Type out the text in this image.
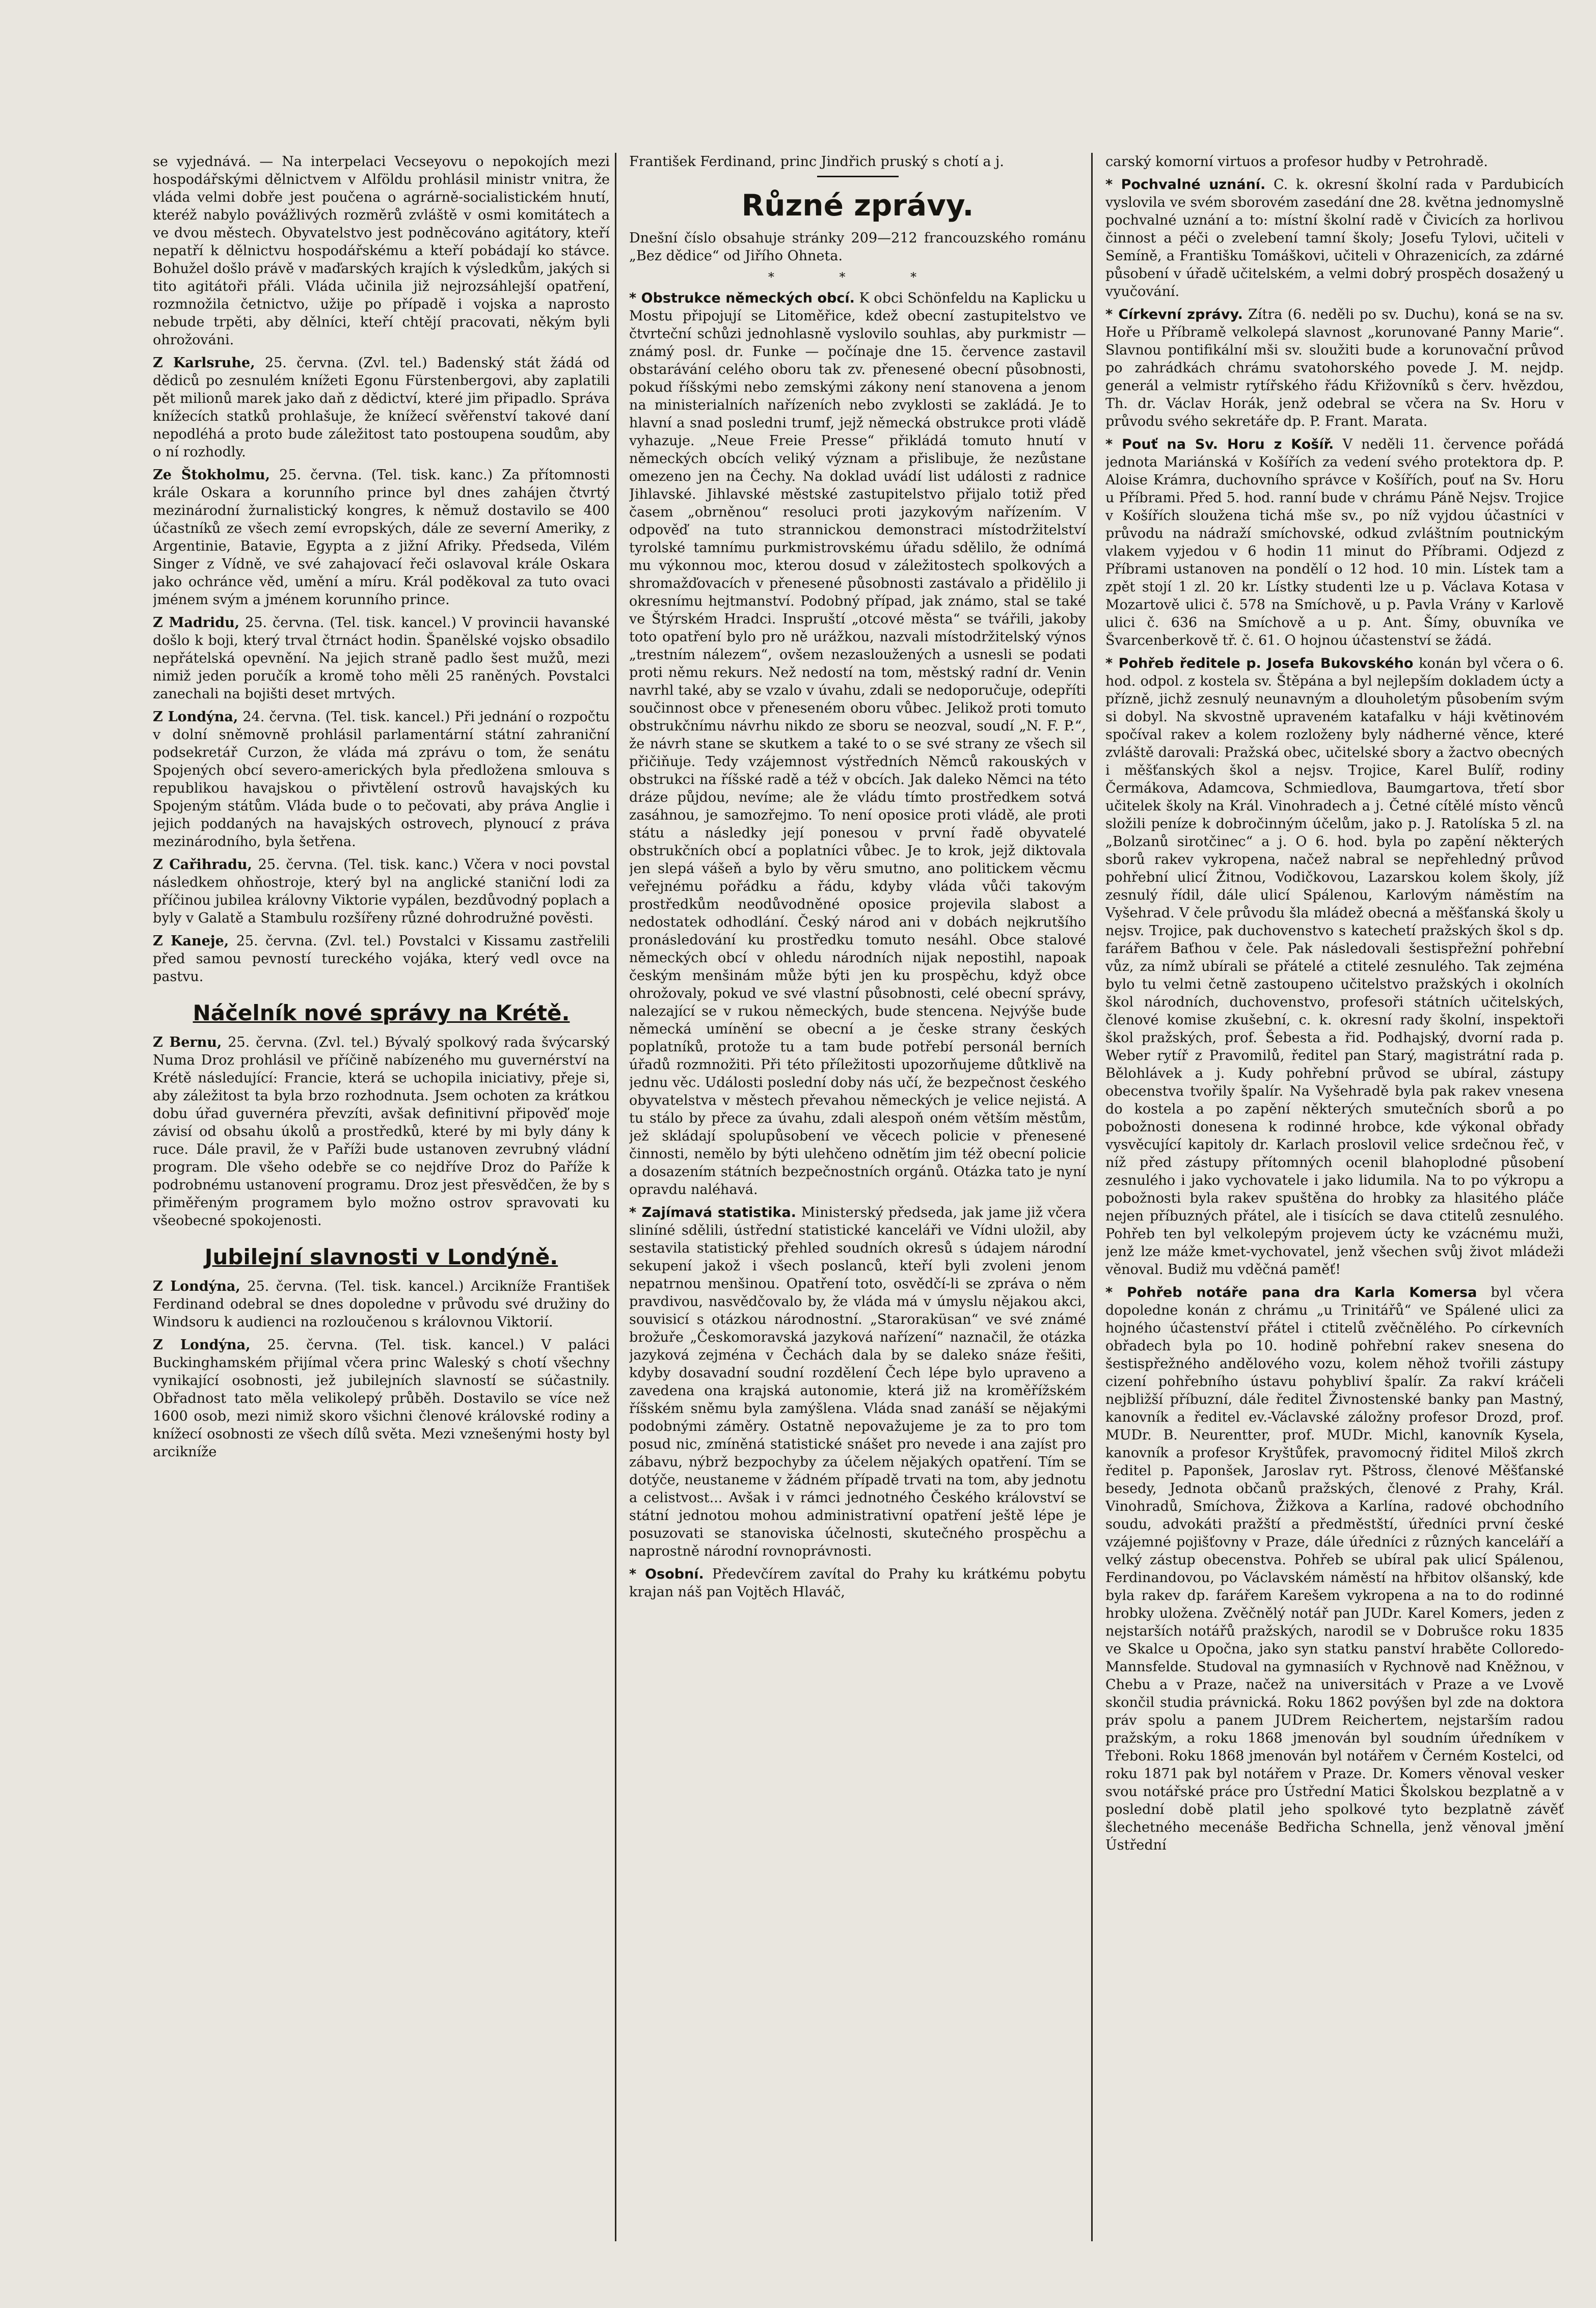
se vyjednává. — Na interpelaci Vecseyovu o nepokojích mezi hospodářskými dělnictvem v Alföldu prohlásil ministr vnitra, že vláda velmi dobře jest poučena o agrárně-socialistickém hnutí, kteréž nabylo povážlivých rozměrů zvláště v osmi komitátech a ve dvou městech. Obyvatelstvo jest podněcováno agitátory, kteří nepatří k dělnictvu hospodářskému a kteří pobádají ko stávce. Bohužel došlo právě v maďarských krajích k výsledkům, jakých si tito agitátoři přáli. Vláda učinila již nejrozsáhlejší opatření, rozmnožila četnictvo, užije po případě i vojska a naprosto nebude trpěti, aby dělníci, kteří chtějí pracovati, někým byli ohrožováni.

Z Karlsruhe, 25. června. (Zvl. tel.) Badenský stát žádá od dědiců po zesnulém knížeti Egonu Fürstenbergovi, aby zaplatili pět milionů marek jako daň z dědictví, které jim připadlo. Správa knížecích statků prohlašuje, že knížecí svěřenství takové daní nepodléhá a proto bude záležitost tato postoupena soudům, aby o ní rozhodly.

Ze Štokholmu, 25. června. (Tel. tisk. kanc.) Za přítomnosti krále Oskara a korunního prince byl dnes zahájen čtvrtý mezinárodní žurnalistický kongres, k němuž dostavilo se 400 účastníků ze všech zemí evropských, dále ze severní Ameriky, z Argentinie, Batavie, Egypta a z jižní Afriky. Předseda, Vilém Singer z Vídně, ve své zahajovací řeči oslavoval krále Oskara jako ochránce věd, umění a míru. Král poděkoval za tuto ovaci jménem svým a jménem korunního prince.

Z Madridu, 25. června. (Tel. tisk. kancel.) V provincii havanské došlo k boji, který trval čtrnáct hodin. Španělské vojsko obsadilo nepřátelská opevnění. Na jejich straně padlo šest mužů, mezi nimiž jeden poručík a kromě toho měli 25 raněných. Povstalci zanechali na bojišti deset mrtvých.

Z Londýna, 24. června. (Tel. tisk. kancel.) Při jednání o rozpočtu v dolní sněmovně prohlásil parlamentární státní zahraniční podsekretář Curzon, že vláda má zprávu o tom, že senátu Spojených obcí severo-amerických byla předložena smlouva s republikou havajskou o přivtělení ostrovů havajských ku Spojeným státům. Vláda bude o to pečovati, aby práva Anglie i jejich poddaných na havajských ostrovech, plynoucí z práva mezinárodního, byla šetřena.

Z Cařihradu, 25. června. (Tel. tisk. kanc.) Včera v noci povstal následkem ohňostroje, který byl na anglické staniční lodi za příčinou jubilea královny Viktorie vypálen, bezdůvodný poplach a byly v Galatě a Stambulu rozšířeny různé dohrodružné pověsti.

Z Kaneje, 25. června. (Zvl. tel.) Povstalci v Kissamu zastřelili před samou pevností tureckého vojáka, který vedl ovce na pastvu.

Náčelník nové správy na Krétě.

Z Bernu, 25. června. (Zvl. tel.) Bývalý spolkový rada švýcarský Numa Droz prohlásil ve příčině nabízeného mu guvernérství na Krétě následující: Francie, která se uchopila iniciativy, přeje si, aby záležitost ta byla brzo rozhodnuta. Jsem ochoten za krátkou dobu úřad guvernéra převzíti, avšak definitivní připověď moje závisí od obsahu úkolů a prostředků, které by mi byly dány k ruce. Dále pravil, že v Paříži bude ustanoven zevrubný vládní program. Dle všeho odebře se co nejdříve Droz do Paříže k podrobnému ustanovení programu. Droz jest přesvědčen, že by s přiměřeným programem bylo možno ostrov spravovati ku všeobecné spokojenosti.

Jubilejní slavnosti v Londýně.

Z Londýna, 25. června. (Tel. tisk. kancel.) Arcikníže František Ferdinand odebral se dnes dopoledne v průvodu své družiny do Windsoru k audienci na rozloučenou s královnou Viktorií.

Z Londýna, 25. června. (Tel. tisk. kancel.) V paláci Buckinghamském přijímal včera princ Waleský s chotí všechny vynikající osobnosti, jež jubilejních slavností se súčastnily. Obřadnost tato měla velikolepý průběh. Dostavilo se více než 1600 osob, mezi nimiž skoro všichni členové královské rodiny a knížecí osobnosti ze všech dílů světa. Mezi vznešenými hosty byl arcikníže

František Ferdinand, princ Jindřich pruský s chotí a j.

Různé zprávy.

Dnešní číslo obsahuje stránky 209—212 francouzského románu „Bez dědice“ od Jiřího Ohneta.

* * *

* Obstrukce německých obcí. K obci Schönfeldu na Kaplicku u Mostu připojují se Litoměřice, kdež obecní zastupitelstvo ve čtvrteční schůzi jednohlasně vyslovilo souhlas, aby purkmistr — známý posl. dr. Funke — počínaje dne 15. července zastavil obstarávání celého oboru tak zv. přenesené obecní působnosti, pokud říšskými nebo zemskými zákony není stanovena a jenom na ministerialních nařízeních nebo zvyklosti se zakládá. Je to hlavní a snad posledni trumf, jejž německá obstrukce proti vládě vyhazuje. „Neue Freie Presse“ přikládá tomuto hnutí v německých obcích veliký význam a přislibuje, že nezůstane omezeno jen na Čechy. Na doklad uvádí list události z radnice Jihlavské. Jihlavské městské zastupitelstvo přijalo totiž před časem „obrněnou“ resoluci proti jazykovým nařízením. V odpověď na tuto strannickou demonstraci místodržitelství tyrolské tamnímu purkmistrovskému úřadu sdělilo, že odnímá mu výkonnou moc, kterou dosud v záležitostech spolkových a shromažďovacích v přenesené působnosti zastávalo a přidělilo ji okresnímu hejtmanství. Podobný případ, jak známo, stal se také ve Štýrském Hradci. Inspruští „otcové města“ se tvářili, jakoby toto opatření bylo pro ně urážkou, nazvali místodržitelský výnos „trestním nálezem“, ovšem nezasloužených a usnesli se podati proti němu rekurs. Než nedostí na tom, městský radní dr. Venin navrhl také, aby se vzalo v úvahu, zdali se nedoporučuje, odepříti součinnost obce v přeneseném oboru vůbec. Jelikož proti tomuto obstrukčnímu návrhu nikdo ze sboru se neozval, soudí „N. F. P.“, že návrh stane se skutkem a také to o se své strany ze všech sil přičiňuje. Tedy vzájemnost výstředních Němců rakouských v obstrukci na říšské radě a též v obcích. Jak daleko Němci na této dráze půjdou, nevíme; ale že vládu tímto prostředkem sotvá zasáhnou, je samozřejmo. To není oposice proti vládě, ale proti státu a následky její ponesou v první řadě obyvatelé obstrukčních obcí a poplatníci vůbec. Je to krok, jejž diktovala jen slepá vášeň a bylo by věru smutno, ano politickem věcmu veřejnému pořádku a řádu, kdyby vláda vůči takovým prostředkům neodůvodněné oposice projevila slabost a nedostatek odhodlání. Český národ ani v dobách nejkrutšího pronásledování ku prostředku tomuto nesáhl. Obce stalové německých obcí v ohledu národních nijak nepostihl, napoak českým menšinám může býti jen ku prospěchu, když obce ohrožovaly, pokud ve své vlastní působnosti, celé obecní správy, nalezající se v rukou německých, bude stencena. Nejvýše bude německá umínění se obecní a je česke strany českých poplatníků, protože tu a tam bude potřebí personál berních úřadů rozmnožiti. Při této příležitosti upozorňujeme důtklivě na jednu věc. Události poslední doby nás učí, že bezpečnost českého obyvatelstva v městech převahou německých je velice nejistá. A tu stálo by přece za úvahu, zdali alespoň oném větším městům, jež skládají spolupůsobení ve věcech policie v přenesené činnosti, nemělo by býti ulehčeno odnětím jim též obecní policie a dosazením státních bezpečnostních orgánů. Otázka tato je nyní opravdu naléhavá.

* Zajímavá statistika. Ministerský předseda, jak jame již včera sliníné sdělili, ústřední statistické kanceláři ve Vídni uložil, aby sestavila statistický přehled soudních okresů s údajem národní sekupení jakož i všech poslanců, kteří byli zvoleni jenom nepatrnou menšinou. Opatření toto, osvědčí-li se zpráva o něm pravdivou, nasvědčovalo by, že vláda má v úmyslu nějakou akci, souvisicí s otázkou národnostní. „Staroraküsan“ ve své známé brožuře „Českomoravská jazyková nařízení“ naznačil, že otázka jazyková zejména v Čechách dala by se daleko snáze řešiti, kdyby dosavadní soudní rozdělení Čech lépe bylo upraveno a zavedena ona krajská autonomie, která již na kroměřížském říšském sněmu byla zamýšlena. Vláda snad zanáší se nějakými podobnými záměry. Ostatně nepovažujeme je za to pro tom posud nic, zmíněná statistické snášet pro nevede i ana zajíst pro zábavu, nýbrž bezpochyby za účelem nějakých opatření. Tím se dotýče, neustaneme v žádném případě trvati na tom, aby jednotu a celistvost... Avšak i v rámci jednotného Českého království se státní jednotou mohou administrativní opatření ještě lépe je posuzovati se stanoviska účelnosti, skutečného prospěchu a naprostně národní rovnoprávnosti.

* Osobní. Předevčírem zavítal do Prahy ku krátkému pobytu krajan náš pan Vojtěch Hlaváč,

carský komorní virtuos a profesor hudby v Petrohradě.

* Pochvalné uznání. C. k. okresní školní rada v Pardubicích vyslovila ve svém sborovém zasedání dne 28. května jednomyslně pochvalné uznání a to: místní školní radě v Čivicích za horlivou činnost a péči o zvelebení tamní školy; Josefu Tylovi, učiteli v Semíně, a Františku Tomáškovi, učiteli v Ohrazenicích, za zdárné působení v úřadě učitelském, a velmi dobrý prospěch dosažený u vyučování.

* Církevní zprávy. Zítra (6. neděli po sv. Duchu), koná se na sv. Hoře u Příbramě velkolepá slavnost „korunované Panny Marie“. Slavnou pontifikální mši sv. sloužiti bude a korunovační průvod po zahrádkách chrámu svatohorského povede J. M. nejdp. generál a velmistr rytířského řádu Křižovníků s červ. hvězdou, Th. dr. Václav Horák, jenž odebral se včera na Sv. Horu v průvodu svého sekretáře dp. P. Frant. Marata.

* Pouť na Sv. Horu z Košíř. V neděli 11. července pořádá jednota Mariánská v Košířích za vedení svého protektora dp. P. Aloise Krámra, duchovního správce v Košířích, pouť na Sv. Horu u Příbrami. Před 5. hod. ranní bude v chrámu Páně Nejsv. Trojice v Košířích sloužena tichá mše sv., po níž vyjdou účastníci v průvodu na nádraží smíchovské, odkud zvláštním poutnickým vlakem vyjedou v 6 hodin 11 minut do Příbrami. Odjezd z Příbrami ustanoven na pondělí o 12 hod. 10 min. Lístek tam a zpět stojí 1 zl. 20 kr. Lístky studenti lze u p. Václava Kotasa v Mozartově ulici č. 578 na Smíchově, u p. Pavla Vrány v Karlově ulici č. 636 na Smíchově a u p. Ant. Šímy, obuvníka ve Švarcenberkově tř. č. 61. O hojnou účastenství se žádá.

* Pohřeb ředitele p. Josefa Bukovského konán byl včera o 6. hod. odpol. z kostela sv. Štěpána a byl nejlepším dokladem úcty a přízně, jichž zesnulý neunavným a dlouholetým působením svým si dobyl. Na skvostně upraveném katafalku v háji květinovém spočíval rakev a kolem rozloženy byly nádherné věnce, které zvláště darovali: Pražská obec, učitelské sbory a žactvo obecných i měšťanských škol a nejsv. Trojice, Karel Bulíř, rodiny Čermákova, Adamcova, Schmiedlova, Baumgartova, třetí sbor učitelek školy na Král. Vinohradech a j. Četné cítělé místo věnců složili peníze k dobročinným účelům, jako p. J. Ratolíska 5 zl. na „Bolzanů sirotčinec“ a j. O 6. hod. byla po zapění některých sborů rakev vykropena, načež nabral se nepřehledný průvod pohřební ulicí Žitnou, Vodičkovou, Lazarskou kolem školy, jíž zesnulý řídil, dále ulicí Spálenou, Karlovým náměstím na Vyšehrad. V čele průvodu šla mládež obecná a měšťanská školy u nejsv. Trojice, pak duchovenstvo s katechetí pražských škol s dp. farářem Baťhou v čele. Pak následovali šestispřežní pohřební vůz, za nímž ubírali se přátelé a ctitelé zesnulého. Tak zejména bylo tu velmi četně zastoupeno učitelstvo pražských i okolních škol národních, duchovenstvo, profesoři státních učitelských, členové komise zkušební, c. k. okresní rady školní, inspektoři škol pražských, prof. Šebesta a řid. Podhajský, dvorní rada p. Weber rytíř z Pravomilů, ředitel pan Starý, magistrátní rada p. Bělohlávek a j. Kudy pohřební průvod se ubíral, zástupy obecenstva tvořily špalír. Na Vyšehradě byla pak rakev vnesena do kostela a po zapění některých smutečních sborů a po pobožnosti donesena k rodinné hrobce, kde výkonal obřady vysvěcující kapitoly dr. Karlach proslovil velice srdečnou řeč, v níž před zástupy přítomných ocenil blahoplodné působení zesnulého i jako vychovatele i jako lidumila. Na to po výkropu a pobožnosti byla rakev spuštěna do hrobky za hlasitého pláče nejen příbuzných přátel, ale i tisících se dava ctitelů zesnulého. Pohřeb ten byl velkolepým projevem úcty ke vzácnému muži, jenž lze máže kmet-vychovatel, jenž všechen svůj život mládeži věnoval. Budiž mu vděčná paměť!

* Pohřeb notáře pana dra Karla Komersa byl včera dopoledne konán z chrámu „u Trinitářů“ ve Spálené ulici za hojného účastenství přátel i ctitelů zvěčnělého. Po církevních obřadech byla po 10. hodině pohřební rakev snesena do šestispřežného andělového vozu, kolem něhož tvořili zástupy cizení pohřebního ústavu pohybliví špalír. Za rakví kráčeli nejbližší příbuzní, dále ředitel Živnostenské banky pan Mastný, kanovník a ředitel ev.-Václavské záložny profesor Drozd, prof. MUDr. B. Neurentter, prof. MUDr. Michl, kanovník Kysela, kanovník a profesor Kryštůfek, pravomocný řiditel Miloš zkrch ředitel p. Paponšek, Jaroslav ryt. Pštross, členové Měšťanské besedy, Jednota občanů pražských, členové z Prahy, Král. Vinohradů, Smíchova, Žižkova a Karlína, radové obchodního soudu, advokáti pražští a předměstští, úředníci první české vzájemné pojišťovny v Praze, dále úředníci z různých kanceláří a velký zástup obecenstva. Pohřeb se ubíral pak ulicí Spálenou, Ferdinandovou, po Václavském náměstí na hřbitov olšanský, kde byla rakev dp. farářem Karešem vykropena a na to do rodinné hrobky uložena. Zvěčnělý notář pan JUDr. Karel Komers, jeden z nejstarších notářů pražských, narodil se v Dobrušce roku 1835 ve Skalce u Opočna, jako syn statku panství hraběte Colloredo-Mannsfelde. Studoval na gymnasiích v Rychnově nad Kněžnou, v Chebu a v Praze, načež na universitách v Praze a ve Lvově skončil studia právnická. Roku 1862 povýšen byl zde na doktora práv spolu a panem JUDrem Reichertem, nejstarším radou pražským, a roku 1868 jmenován byl soudním úředníkem v Třeboni. Roku 1868 jmenován byl notářem v Černém Kostelci, od roku 1871 pak byl notářem v Praze. Dr. Komers věnoval vesker svou notářské práce pro Ústřední Matici Školskou bezplatně a v poslední době platil jeho spolkové tyto bezplatně závěť šlechetného mecenáše Bedřicha Schnella, jenž věnoval jmění Ústřední
